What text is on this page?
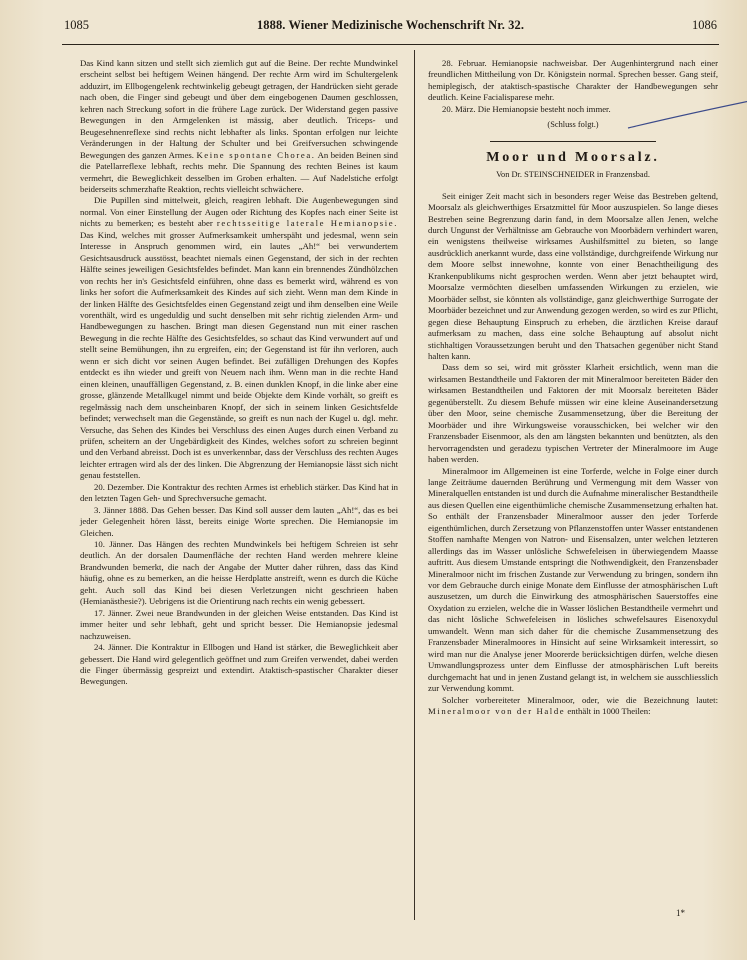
1085	1888. Wiener Medizinische Wochenschrift Nr. 32.	1086

Das Kind kann sitzen und stellt sich ziemlich gut auf die Beine. Der rechte Mundwinkel erscheint selbst bei heftigem Weinen hängend. Der rechte Arm wird im Schultergelenk adduzirt, im Ellbogengelenk rechtwinkelig gebeugt getragen, der Handrücken sieht gerade nach oben, die Finger sind gebeugt und über dem eingebogenen Daumen geschlossen, kehren nach Streckung sofort in die frühere Lage zurück. Der Widerstand gegen passive Bewegungen in den Armgelenken ist mässig, aber deutlich. Triceps- und Beugesehnenreflexe sind rechts nicht lebhafter als links. Spontan erfolgen nur leichte Veränderungen in der Haltung der Schulter und bei Greifversuchen schwingende Bewegungen des ganzen Armes. Keine spontane Chorea. An beiden Beinen sind die Patellarreflexe lebhaft, rechts mehr. Die Spannung des rechten Beines ist kaum vermehrt, die Beweglichkeit desselben im Groben erhalten. — Auf Nadelstiche erfolgt beiderseits schmerzhafte Reaktion, rechts vielleicht schwächere.

Die Pupillen sind mittelweit, gleich, reagiren lebhaft. Die Augenbewegungen sind normal. Von einer Einstellung der Augen oder Richtung des Kopfes nach einer Seite ist nichts zu bemerken; es besteht aber rechtsseitige laterale Hemianopsie. Das Kind, welches mit grosser Aufmerksamkeit umherspäht und jedesmal, wenn sein Interesse in Anspruch genommen wird, ein lautes „Ah!“ bei verwundertem Gesichtsausdruck ausstösst, beachtet niemals einen Gegenstand, der sich in der rechten Hälfte seines jeweiligen Gesichtsfeldes befindet. Man kann ein brennendes Zündhölzchen von rechts her in's Gesichtsfeld einführen, ohne dass es bemerkt wird, während es von links her sofort die Aufmerksamkeit des Kindes auf sich zieht. Wenn man dem Kinde in der linken Hälfte des Gesichtsfeldes einen Gegenstand zeigt und ihm denselben eine Weile vorenthält, wird es ungeduldig und sucht denselben mit sehr richtig zielenden Arm- und Handbewegungen zu haschen. Bringt man diesen Gegenstand nun mit einer raschen Bewegung in die rechte Hälfte des Gesichtsfeldes, so schaut das Kind verwundert auf und stellt seine Bemühungen, ihn zu ergreifen, ein; der Gegenstand ist für ihn verloren, auch wenn er sich dicht vor seinen Augen befindet. Bei zufälligen Drehungen des Kopfes entdeckt es ihn wieder und greift von Neuem nach ihm. Wenn man in die rechte Hand einen kleinen, unauffälligen Gegenstand, z. B. einen dunklen Knopf, in die linke aber eine grosse, glänzende Metallkugel nimmt und beide Objekte dem Kinde vorhält, so greift es regelmässig nach dem unscheinbaren Knopf, der sich in seinem linken Gesichtsfelde befindet; verwechselt man die Gegenstände, so greift es nun nach der Kugel u. dgl. mehr. Versuche, das Sehen des Kindes bei Verschluss des einen Auges durch einen Verband zu prüfen, scheitern an der Ungebärdigkeit des Kindes, welches sofort zu schreien beginnt und den Verband abreisst. Doch ist es unverkennbar, dass der Verschluss des rechten Auges leichter ertragen wird als der des linken. Die Abgrenzung der Hemianopsie lässt sich nicht genau feststellen.

20. Dezember. Die Kontraktur des rechten Armes ist erheblich stärker. Das Kind hat in den letzten Tagen Geh- und Sprechversuche gemacht.

3. Jänner 1888. Das Gehen besser. Das Kind soll ausser dem lauten „Ah!“, das es bei jeder Gelegenheit hören lässt, bereits einige Worte sprechen. Die Hemianopsie im Gleichen.

10. Jänner. Das Hängen des rechten Mundwinkels bei heftigem Schreien ist sehr deutlich. An der dorsalen Daumenfläche der rechten Hand werden mehrere kleine Brandwunden bemerkt, die nach der Angabe der Mutter daher rühren, dass das Kind häufig, ohne es zu bemerken, an die heisse Herdplatte anstreift, wenn es durch die Küche geht. Auch soll das Kind bei diesen Verletzungen nicht geschrieen haben (Hemianästhesie?). Uebrigens ist die Orientirung nach rechts ein wenig gebessert.

17. Jänner. Zwei neue Brandwunden in der gleichen Weise entstanden. Das Kind ist immer heiter und sehr lebhaft, geht und spricht besser. Die Hemianopsie jedesmal nachzuweisen.

24. Jänner. Die Kontraktur in Ellbogen und Hand ist stärker, die Beweglichkeit aber gebessert. Die Hand wird gelegentlich geöffnet und zum Greifen verwendet, dabei werden die Finger übermässig gespreizt und extendirt. Ataktisch-spastischer Charakter dieser Bewegungen.

28. Februar. Hemianopsie nachweisbar. Der Augenhintergrund nach einer freundlichen Mittheilung von Dr. Königstein normal. Sprechen besser. Gang steif, hemiplegisch, der ataktisch-spastische Charakter der Handbewegungen sehr deutlich. Keine Facialisparese mehr.

20. März. Die Hemianopsie besteht noch immer.

(Schluss folgt.)
Moor und Moorsalz.
Von Dr. STEINSCHNEIDER in Franzensbad.

Seit einiger Zeit macht sich in besonders reger Weise das Bestreben geltend, Moorsalz als gleichwerthiges Ersatzmittel für Moor auszuspielen. So lange dieses Bestreben seine Begrenzung darin fand, in dem Moorsalze allen Jenen, welche durch Ungunst der Verhältnisse am Gebrauche von Moorbädern verhindert waren, ein wenigstens theilweise wirksames Aushilfsmittel zu bieten, so lange ausdrücklich anerkannt wurde, dass eine vollständige, durchgreifende Wirkung nur dem Moore selbst innewohne, konnte von einer Benachtheiligung des Krankenpublikums nicht gesprochen werden. Wenn aber jetzt behauptet wird, Moorsalze vermöchten dieselben umfassenden Wirkungen zu erzielen, wie Moorbäder selbst, sie könnten als vollständige, ganz gleichwerthige Surrogate der Moorbäder bezeichnet und zur Anwendung gezogen werden, so wird es zur Pflicht, gegen diese Behauptung Einspruch zu erheben, die ärztlichen Kreise darauf aufmerksam zu machen, dass eine solche Behauptung auf absolut nicht stichhaltigen Voraussetzungen beruht und den Thatsachen gegenüber nicht Stand halten kann.

Dass dem so sei, wird mit grösster Klarheit ersichtlich, wenn man die wirksamen Bestandtheile und Faktoren der mit Mineralmoor bereiteten Bäder den wirksamen Bestandtheilen und Faktoren der mit Moorsalz bereiteten Bäder gegenüberstellt. Zu diesem Behufe müssen wir eine kleine Auseinandersetzung über den Moor, seine chemische Zusammensetzung, über die Bereitung der Moorbäder und ihre Wirkungsweise vorausschicken, bei welcher wir den Franzensbader Eisenmoor, als den am längsten bekannten und benützten, als den hervorragendsten und geradezu typischen Vertreter der Mineralmoore im Auge haben werden.

Mineralmoor im Allgemeinen ist eine Torferde, welche in Folge einer durch lange Zeiträume dauernden Berührung und Vermengung mit dem Wasser von Mineralquellen entstanden ist und durch die Aufnahme mineralischer Bestandtheile aus diesen Quellen eine eigenthümliche chemische Zusammensetzung erhalten hat. So enthält der Franzensbader Mineralmoor ausser den jeder Torferde eigenthümlichen, durch Zersetzung von Pflanzenstoffen unter Wasser entstandenen Stoffen namhafte Mengen von Natron- und Eisensalzen, unter welchen letzteren allerdings das im Wasser unlösliche Schwefeleisen in überwiegendem Maasse auftritt. Aus diesem Umstande entspringt die Nothwendigkeit, den Franzensbader Mineralmoor nicht im frischen Zustande zur Verwendung zu bringen, sondern ihn vor dem Gebrauche durch einige Monate dem Einflusse der atmosphärischen Luft auszusetzen, um durch die Einwirkung des atmosphärischen Sauerstoffes eine Oxydation zu erzielen, welche die in Wasser löslichen Bestandtheile vermehrt und das nicht lösliche Schwefeleisen in lösliches schwefelsaures Eisenoxydul umwandelt. Wenn man sich daher für die chemische Zusammensetzung des Franzensbader Mineralmoores in Hinsicht auf seine Wirksamkeit interessirt, so wird man nur die Analyse jener Moorerde berücksichtigen dürfen, welche diesen Umwandlungsprozess unter dem Einflusse der atmosphärischen Luft bereits durchgemacht hat und in jenen Zustand gelangt ist, in welchem sie ausschliesslich zur Verwendung kommt.

Solcher vorbereiteter Mineralmoor, oder, wie die Bezeichnung lautet: Mineralmoor von der Halde enthält in 1000 Theilen:

1*
